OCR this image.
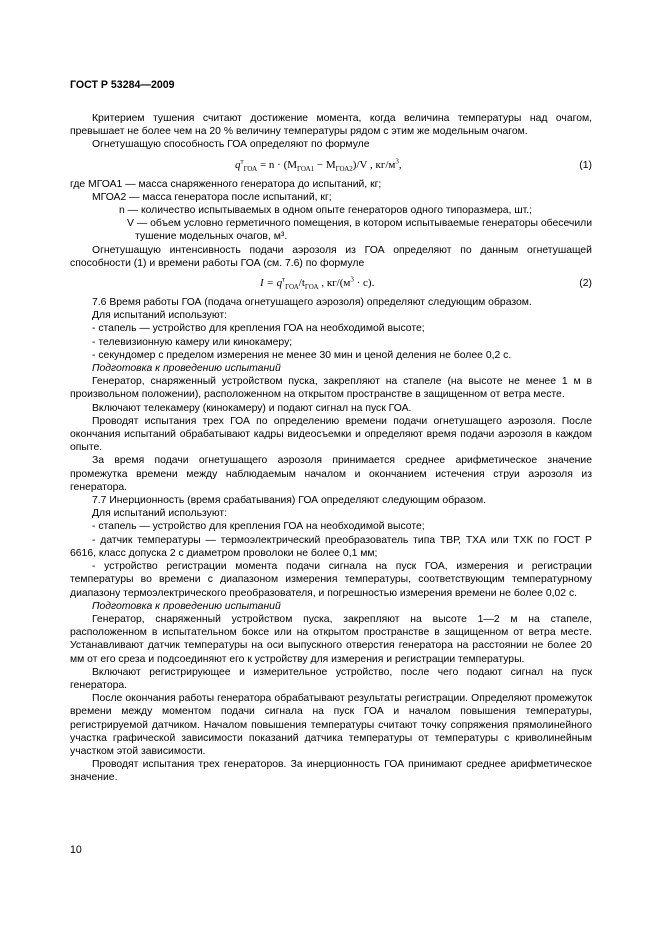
ГОСТ Р 53284—2009

Критерием тушения считают достижение момента, когда величина температуры над очагом, превышает не более чем на 20 % величину температуры рядом с этим же модельным очагом.

Огнетушащую способность ГОА определяют по формуле

$q^т_{ГОА} = n \cdot (M_{ГОА1} - M_{ГОА2})/V$ , $кг/м^3$,	(1)

где MГОА1 — масса снаряженного генератора до испытаний, кг;

MГОА2 — масса генератора после испытаний, кг;

n — количество испытываемых в одном опыте генераторов одного типоразмера, шт.;

V — объем условно герметичного помещения, в котором испытываемые генераторы обесечили тушение модельных очагов, м³.

Огнетушащую интенсивность подачи аэрозоля из ГОА определяют по данным огнетушащей способности (1) и времени работы ГОА (см. 7.6) по формуле

$I = q^т_{ГОА}/t_{ГОА}$ , $кг/(м^3 \cdot с)$.	(2)

7.6 Время работы ГОА (подача огнетушащего аэрозоля) определяют следующим образом.

Для испытаний используют:

- стапель — устройство для крепления ГОА на необходимой высоте;

- телевизионную камеру или кинокамеру;

- секундомер с пределом измерения не менее 30 мин и ценой деления не более 0,2 с.

Подготовка к проведению испытаний

Генератор, снаряженный устройством пуска, закрепляют на стапеле (на высоте не менее 1 м в произвольном положении), расположенном на открытом пространстве в защищенном от ветра месте.

Включают телекамеру (кинокамеру) и подают сигнал на пуск ГОА.

Проводят испытания трех ГОА по определению времени подачи огнетушащего аэрозоля. После окончания испытаний обрабатывают кадры видеосъемки и определяют время подачи аэрозоля в каждом опыте.

За время подачи огнетушащего аэрозоля принимается среднее арифметическое значение промежутка времени между наблюдаемым началом и окончанием истечения струи аэрозоля из генератора.

7.7 Инерционность (время срабатывания) ГОА определяют следующим образом.

Для испытаний используют:

- стапель — устройство для крепления ГОА на необходимой высоте;

- датчик температуры — термоэлектрический преобразователь типа ТВР, ТХА или ТХК по ГОСТ Р 6616, класс допуска 2 с диаметром проволоки не более 0,1 мм;

- устройство регистрации момента подачи сигнала на пуск ГОА, измерения и регистрации температуры во времени с диапазоном измерения температуры, соответствующим температурному диапазону термоэлектрического преобразователя, и погрешностью измерения времени не более 0,02 с.

Подготовка к проведению испытаний

Генератор, снаряженный устройством пуска, закрепляют на высоте 1—2 м на стапеле, расположенном в испытательном боксе или на открытом пространстве в защищенном от ветра месте. Устанавливают датчик температуры на оси выпускного отверстия генератора на расстоянии не более 20 мм от его среза и подсоединяют его к устройству для измерения и регистрации температуры.

Включают регистрирующее и измерительное устройство, после чего подают сигнал на пуск генератора.

После окончания работы генератора обрабатывают результаты регистрации. Определяют промежуток времени между моментом подачи сигнала на пуск ГОА и началом повышения температуры, регистрируемой датчиком. Началом повышения температуры считают точку сопряжения прямолинейного участка графической зависимости показаний датчика температуры от температуры с криволинейным участком этой зависимости.

Проводят испытания трех генераторов. За инерционность ГОА принимают среднее арифметическое значение.

10
